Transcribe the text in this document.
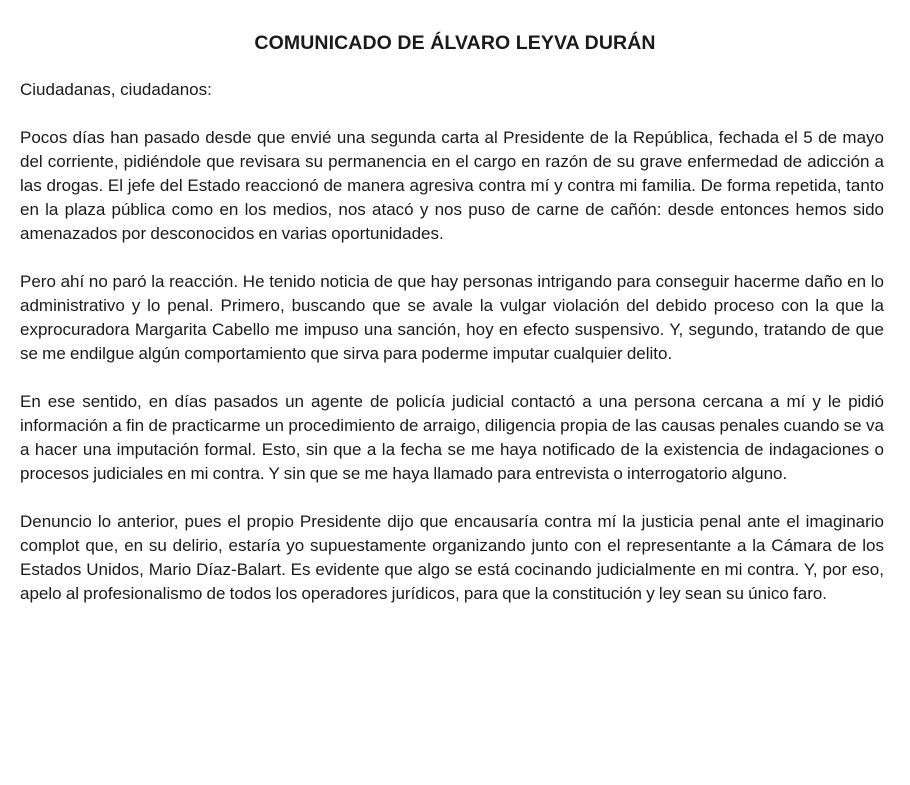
COMUNICADO DE ÁLVARO LEYVA DURÁN

Ciudadanas, ciudadanos:

Pocos días han pasado desde que envié una segunda carta al Presidente de la República, fechada el 5 de mayo del corriente, pidiéndole que revisara su permanencia en el cargo en razón de su grave enfermedad de adicción a las drogas. El jefe del Estado reaccionó de manera agresiva contra mí y contra mi familia. De forma repetida, tanto en la plaza pública como en los medios, nos atacó y nos puso de carne de cañón: desde entonces hemos sido amenazados por desconocidos en varias oportunidades.

Pero ahí no paró la reacción. He tenido noticia de que hay personas intrigando para conseguir hacerme daño en lo administrativo y lo penal. Primero, buscando que se avale la vulgar violación del debido proceso con la que la exprocuradora Margarita Cabello me impuso una sanción, hoy en efecto suspensivo. Y, segundo, tratando de que se me endilgue algún comportamiento que sirva para poderme imputar cualquier delito.

En ese sentido, en días pasados un agente de policía judicial contactó a una persona cercana a mí y le pidió información a fin de practicarme un procedimiento de arraigo, diligencia propia de las causas penales cuando se va a hacer una imputación formal. Esto, sin que a la fecha se me haya notificado de la existencia de indagaciones o procesos judiciales en mi contra. Y sin que se me haya llamado para entrevista o interrogatorio alguno.

Denuncio lo anterior, pues el propio Presidente dijo que encausaría contra mí la justicia penal ante el imaginario complot que, en su delirio, estaría yo supuestamente organizando junto con el representante a la Cámara de los Estados Unidos, Mario Díaz-Balart. Es evidente que algo se está cocinando judicialmente en mi contra. Y, por eso, apelo al profesionalismo de todos los operadores jurídicos, para que la constitución y ley sean su único faro.
